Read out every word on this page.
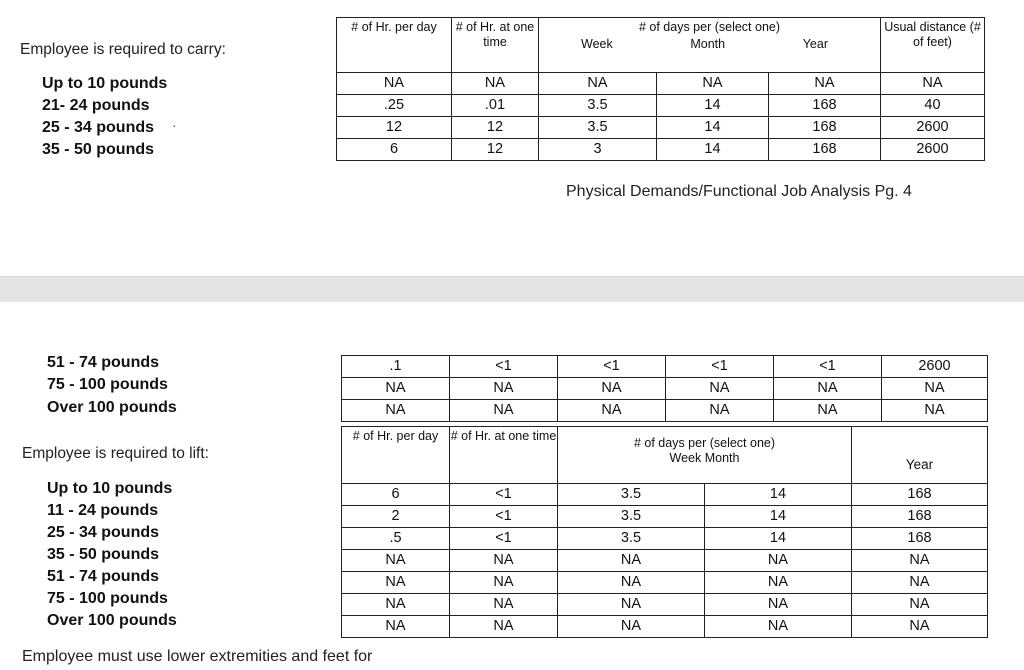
Employee is required to carry:
Up to 10 pounds
21- 24 pounds
25 - 34 pounds
35 - 50 pounds
·
# of Hr. per day	# of Hr. at one time	# of days per (select one)
Week Month Year			Usual distance (# of feet)
NA	NA	NA	NA	NA	NA
.25	.01	3.5	14	168	40
12	12	3.5	14	168	2600
6	12	3	14	168	2600
Physical Demands/Functional Job Analysis Pg. 4
51 - 74 pounds
75 - 100 pounds
Over 100 pounds
.1	<1	<1	<1	<1	2600
NA	NA	NA	NA	NA	NA
NA	NA	NA	NA	NA	NA
Employee is required to lift:
# of Hr. per day	# of Hr. at one time	# of days per (select one)
Week Month		Year
6	<1	3.5	14	168
2	<1	3.5	14	168
.5	<1	3.5	14	168
NA	NA	NA	NA	NA
NA	NA	NA	NA	NA
NA	NA	NA	NA	NA
NA	NA	NA	NA	NA
Up to 10 pounds
11 - 24 pounds
25 - 34 pounds
35 - 50 pounds
51 - 74 pounds
75 - 100 pounds
Over 100 pounds
Employee must use lower extremities and feet for
